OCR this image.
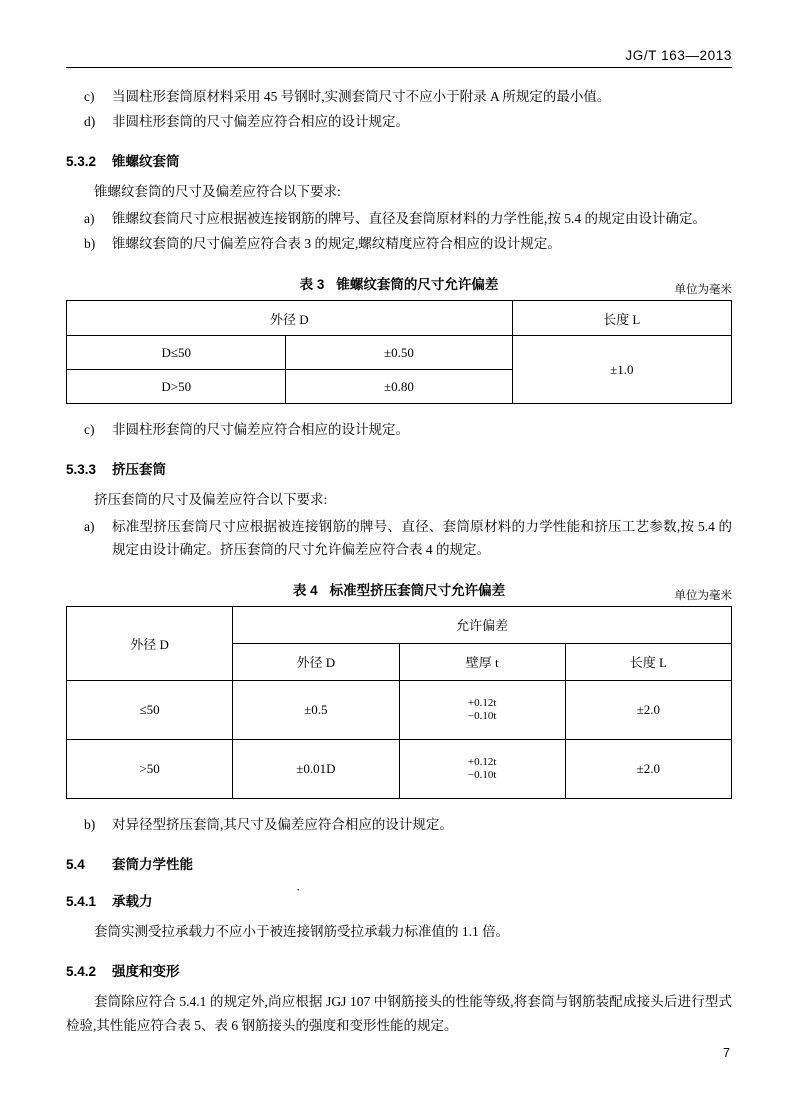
JG/T 163—2013
c)	当圆柱形套筒原材料采用 45 号钢时,实测套筒尺寸不应小于附录 A 所规定的最小值。
d)	非圆柱形套筒的尺寸偏差应符合相应的设计规定。
5.3.2 锥螺纹套筒
锥螺纹套筒的尺寸及偏差应符合以下要求:
a)	锥螺纹套筒尺寸应根据被连接钢筋的牌号、直径及套筒原材料的力学性能,按 5.4 的规定由设计确定。
b)	锥螺纹套筒的尺寸偏差应符合表 3 的规定,螺纹精度应符合相应的设计规定。
表 3 锥螺纹套筒的尺寸允许偏差	单位为毫米
外径 D		长度 L
D≤50	±0.50	±1.0
D>50	±0.80	
c)	非圆柱形套筒的尺寸偏差应符合相应的设计规定。
5.3.3 挤压套筒
挤压套筒的尺寸及偏差应符合以下要求:
a)	标准型挤压套筒尺寸应根据被连接钢筋的牌号、直径、套筒原材料的力学性能和挤压工艺参数,按 5.4 的规定由设计确定。挤压套筒的尺寸允许偏差应符合表 4 的规定。
表 4 标准型挤压套筒尺寸允许偏差	单位为毫米
外径 D	允许偏差		
	外径 D	壁厚 t	长度 L
≤50	±0.5	+0.12t
−0.10t	±2.0
>50	±0.01D	+0.12t
−0.10t	±2.0
b)	对异径型挤压套筒,其尺寸及偏差应符合相应的设计规定。
5.4 套筒力学性能
5.4.1 承载力
套筒实测受拉承载力不应小于被连接钢筋受拉承载力标准值的 1.1 倍。
5.4.2 强度和变形
套筒除应符合 5.4.1 的规定外,尚应根据 JGJ 107 中钢筋接头的性能等级,将套筒与钢筋装配成接头后进行型式检验,其性能应符合表 5、表 6 钢筋接头的强度和变形性能的规定。
·
7
